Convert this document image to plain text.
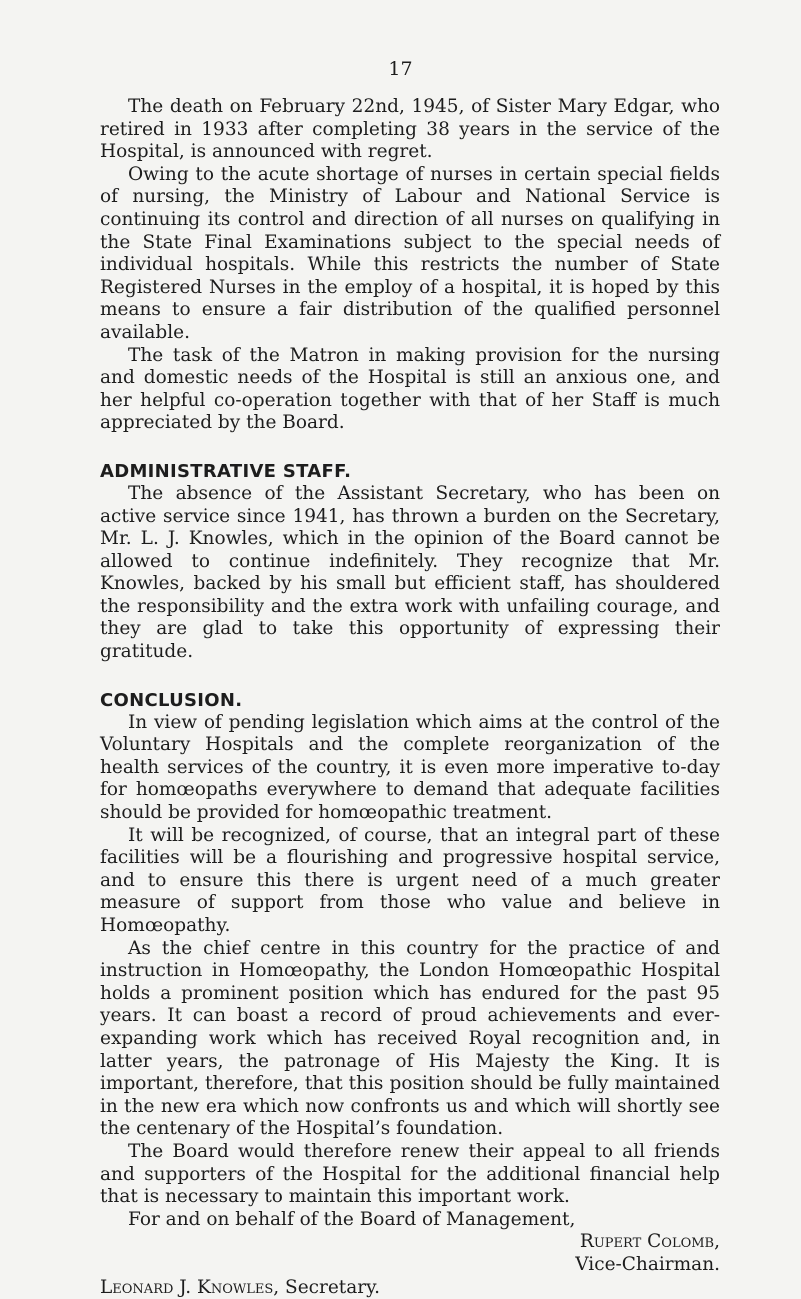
17

The death on February 22nd, 1945, of Sister Mary Edgar, who retired in 1933 after completing 38 years in the service of the Hospital, is announced with regret.

Owing to the acute shortage of nurses in certain special fields of nursing, the Ministry of Labour and National Service is continuing its control and direction of all nurses on qualifying in the State Final Examinations subject to the special needs of individual hospitals. While this restricts the number of State Registered Nurses in the employ of a hospital, it is hoped by this means to ensure a fair distribution of the qualified personnel available.

The task of the Matron in making provision for the nursing and domestic needs of the Hospital is still an anxious one, and her helpful co-operation together with that of her Staff is much appreciated by the Board.

ADMINISTRATIVE STAFF.

The absence of the Assistant Secretary, who has been on active service since 1941, has thrown a burden on the Secretary, Mr. L. J. Knowles, which in the opinion of the Board cannot be allowed to continue indefinitely. They recognize that Mr. Knowles, backed by his small but efficient staff, has shouldered the responsibility and the extra work with unfailing courage, and they are glad to take this opportunity of expressing their gratitude.

CONCLUSION.

In view of pending legislation which aims at the control of the Voluntary Hospitals and the complete reorganization of the health services of the country, it is even more imperative to-day for homœopaths everywhere to demand that adequate facilities should be provided for homœopathic treatment.

It will be recognized, of course, that an integral part of these facilities will be a flourishing and progressive hospital service, and to ensure this there is urgent need of a much greater measure of support from those who value and believe in Homœopathy.

As the chief centre in this country for the practice of and instruction in Homœopathy, the London Homœopathic Hospital holds a prominent position which has endured for the past 95 years. It can boast a record of proud achievements and ever-expanding work which has received Royal recognition and, in latter years, the patronage of His Majesty the King. It is important, therefore, that this position should be fully maintained in the new era which now confronts us and which will shortly see the centenary of the Hospital’s foundation.

The Board would therefore renew their appeal to all friends and supporters of the Hospital for the additional financial help that is necessary to maintain this important work.

For and on behalf of the Board of Management,

Rupert Colomb,

Vice-Chairman.

Leonard J. Knowles, Secretary.
